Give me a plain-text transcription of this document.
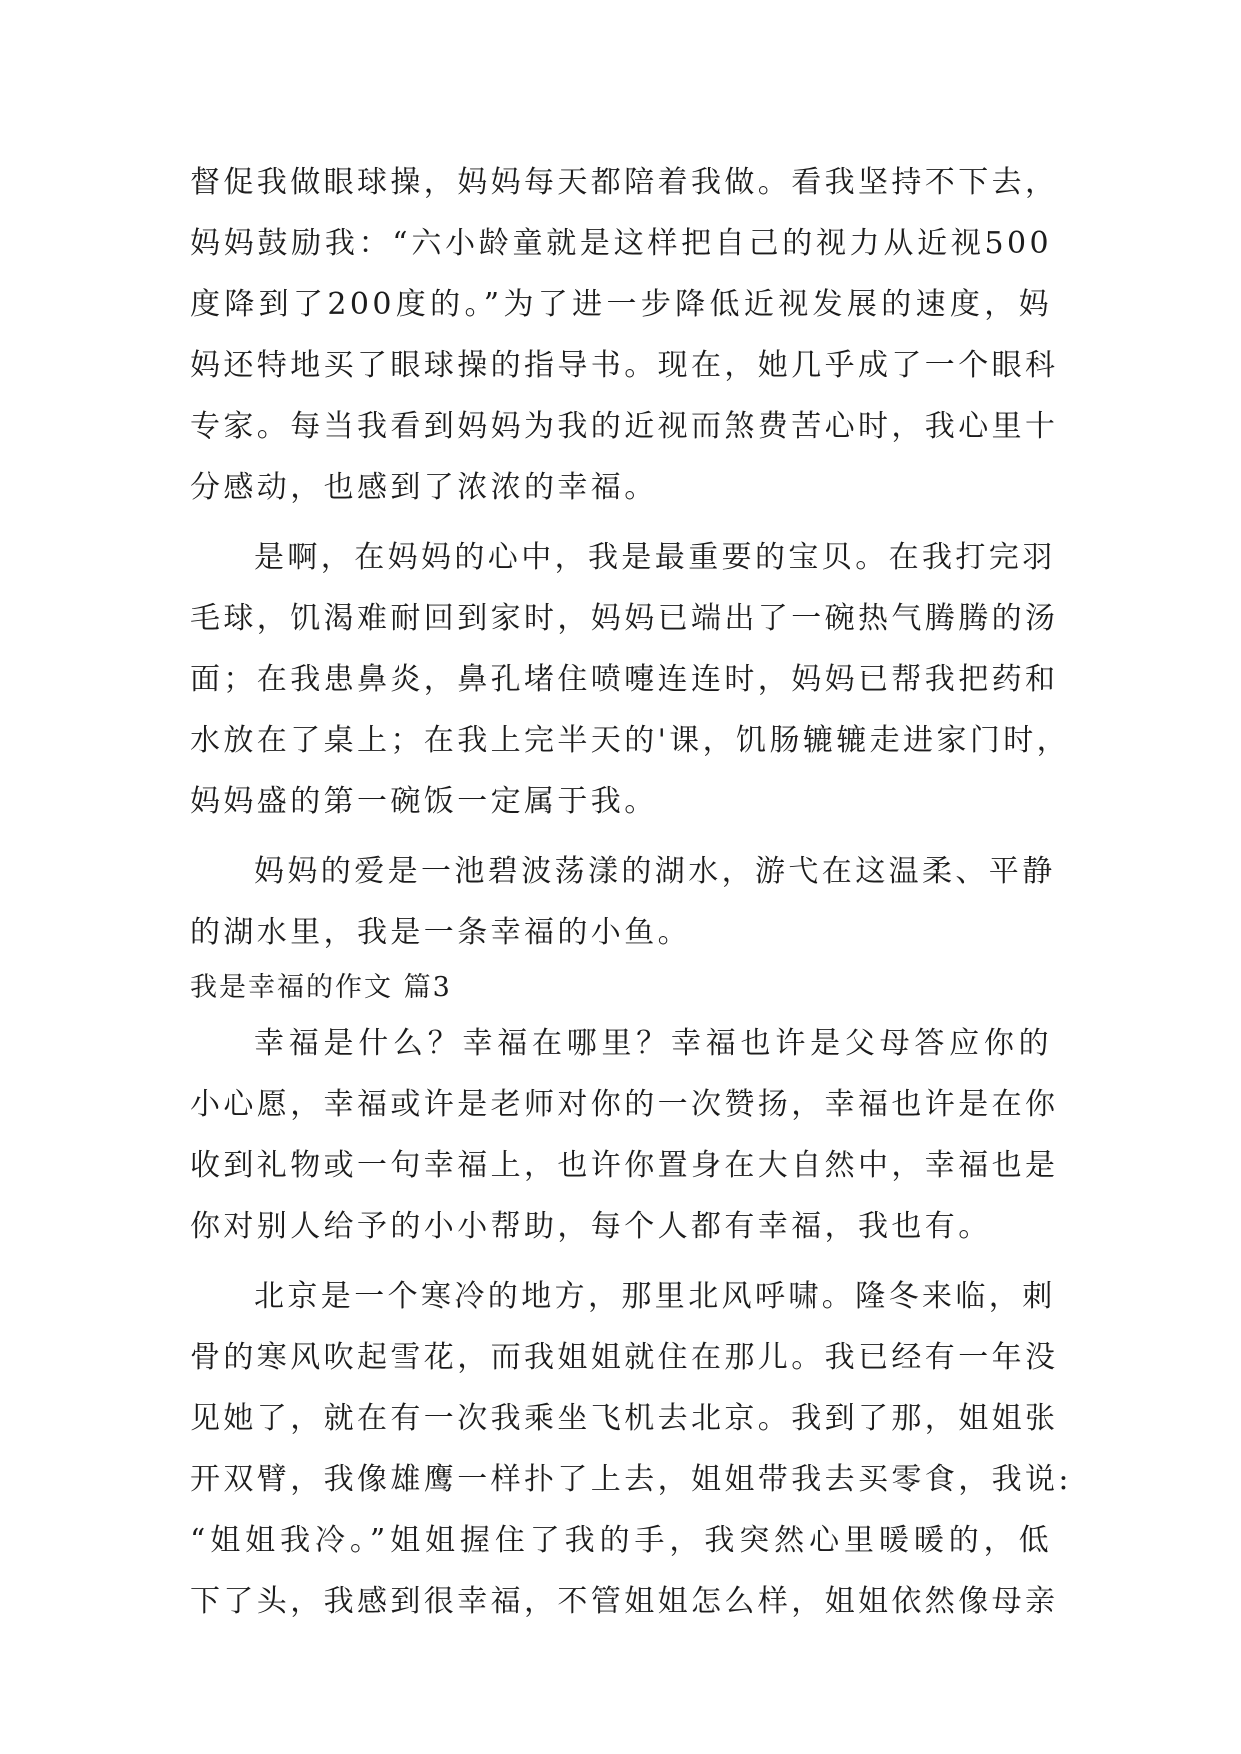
督促我做眼球操，妈妈每天都陪着我做。看我坚持不下去，
妈妈鼓励我：“六小龄童就是这样把自己的视力从近视500
度降到了200度的。”为了进一步降低近视发展的速度，妈
妈还特地买了眼球操的指导书。现在，她几乎成了一个眼科
专家。每当我看到妈妈为我的近视而煞费苦心时，我心里十
分感动，也感到了浓浓的幸福。
是啊，在妈妈的心中，我是最重要的宝贝。在我打完羽
毛球，饥渴难耐回到家时，妈妈已端出了一碗热气腾腾的汤
面；在我患鼻炎，鼻孔堵住喷嚏连连时，妈妈已帮我把药和
水放在了桌上；在我上完半天的'课，饥肠辘辘走进家门时，
妈妈盛的第一碗饭一定属于我。
妈妈的爱是一池碧波荡漾的湖水，游弋在这温柔、平静
的湖水里，我是一条幸福的小鱼。
我是幸福的作文 篇3
幸福是什么？幸福在哪里？幸福也许是父母答应你的
小心愿，幸福或许是老师对你的一次赞扬，幸福也许是在你
收到礼物或一句幸福上，也许你置身在大自然中，幸福也是
你对别人给予的小小帮助，每个人都有幸福，我也有。
北京是一个寒冷的地方，那里北风呼啸。隆冬来临，刺
骨的寒风吹起雪花，而我姐姐就住在那儿。我已经有一年没
见她了，就在有一次我乘坐飞机去北京。我到了那，姐姐张
开双臂，我像雄鹰一样扑了上去，姐姐带我去买零食，我说:
“姐姐我冷。”姐姐握住了我的手，我突然心里暖暖的，低
下了头，我感到很幸福，不管姐姐怎么样，姐姐依然像母亲
